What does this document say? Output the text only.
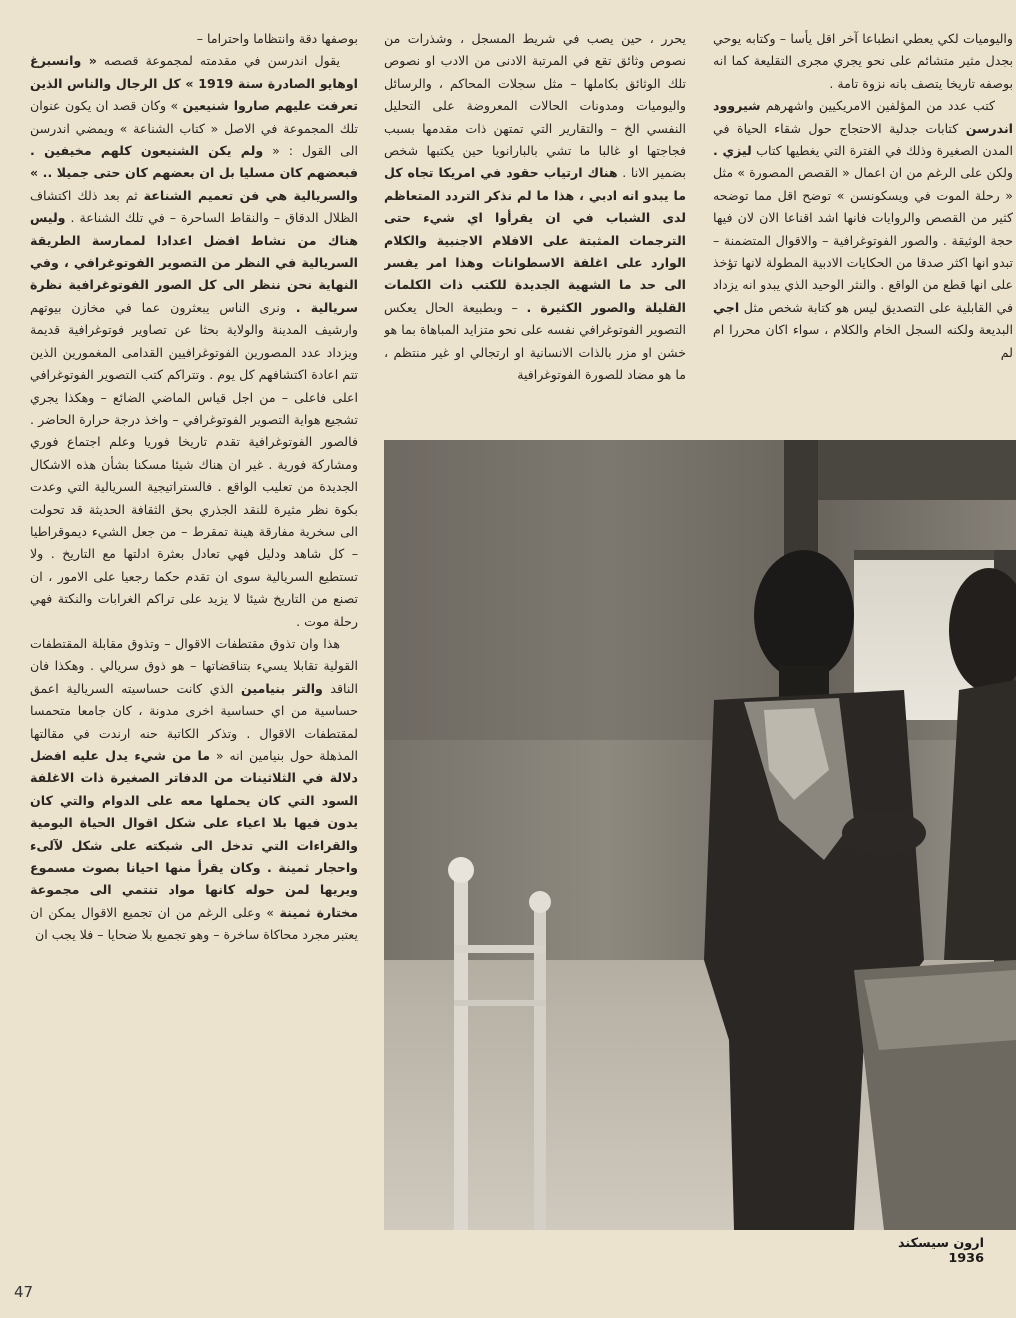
واليوميات لكي يعطي انطباعا آخر اقل يأسا – وكتابه يوحي بجدل مثير متشائم على نحو يجري مجرى التقليعة كما انه بوصفه تاريخا يتصف بانه نزوة تامة .

كتب عدد من المؤلفين الامريكيين واشهرهم شيروود اندرسن كتابات جدلية الاحتجاج حول شقاء الحياة في المدن الصغيرة وذلك في الفترة التي يغطيها كتاب ليزي . ولكن على الرغم من ان اعمال « القصص المصورة » مثل « رحلة الموت في ويسكونسن » توضح اقل مما توضحه كثير من القصص والروايات فانها اشد اقناعا الان لان فيها حجة الوثيقة . والصور الفوتوغرافية – والاقوال المتضمنة – تبدو انها اكثر صدقا من الحكايات الادبية المطولة لانها تؤخذ على انها قطع من الواقع . والنثر الوحيد الذي يبدو انه يزداد في القابلية على التصديق ليس هو كتابة شخص مثل اجي البديعة ولكنه السجل الخام والكلام ، سواء اكان محررا ام لم

يحرر ، حين يصب في شريط المسجل ، وشذرات من نصوص وثائق تقع في المرتبة الادنى من الادب او نصوص تلك الوثائق بكاملها – مثل سجلات المحاكم ، والرسائل واليوميات ومدونات الحالات المعروضة على التحليل النفسي الخ – والتقارير التي تمتهن ذات مقدمها بسبب فجاجتها او غالبا ما تشي بالبارانويا حين يكتبها شخص بضمير الانا . هناك ارتياب حقود في امريكا تجاه كل ما يبدو انه ادبي ، هذا ما لم نذكر التردد المتعاظم لدى الشباب في ان يقرأوا اي شيء حتى الترجمات المثبتة على الافلام الاجنبية والكلام الوارد على اغلفة الاسطوانات وهذا امر يفسر الى حد ما الشهية الجديدة للكتب ذات الكلمات القليلة والصور الكثيرة . – وبطبيعة الحال يعكس التصوير الفوتوغرافي نفسه على نحو متزايد المباهاة بما هو خشن او مزر بالذات الانسانية او ارتجالي او غير منتظم ، ما هو مضاد للصورة الفوتوغرافية

بوصفها دقة وانتظاما واحتراما –

يقول اندرسن في مقدمته لمجموعة قصصه « وانسبرغ اوهايو الصادرة سنة 1919 » كل الرجال والناس الذين تعرفت عليهم صاروا شنيعين » وكان قصد ان يكون عنوان تلك المجموعة في الاصل « كتاب الشناعة » ويمضي اندرسن الى القول : « ولم يكن الشنيعون كلهم مخيفين . فبعضهم كان مسليا بل ان بعضهم كان حتى جميلا .. » والسريالية هي فن تعميم الشناعة ثم بعد ذلك اكتشاف الظلال الدقاق – والنقاط الساحرة – في تلك الشناعة . وليس هناك من نشاط افضل اعدادا لممارسة الطريقة السريالية في النظر من التصوير الفوتوغرافي ، وفي النهاية نحن ننظر الى كل الصور الفوتوغرافية نظرة سريالية . ونرى الناس يبعثرون عما في مخازن بيوتهم وارشيف المدينة والولاية بحثا عن تصاوير فوتوغرافية قديمة ويزداد عدد المصورين الفوتوغرافيين القدامى المغمورين الذين تتم اعادة اكتشافهم كل يوم . وتتراكم كتب التصوير الفوتوغرافي اعلى فاعلى – من اجل قياس الماضي الضائع – وهكذا يجري تشجيع هواية التصوير الفوتوغرافي – واخذ درجة حرارة الحاضر . فالصور الفوتوغرافية تقدم تاريخا فوريا وعلم اجتماع فوري ومشاركة فورية . غير ان هناك شيئا مسكنا بشأن هذه الاشكال الجديدة من تعليب الواقع . فالستراتيجية السريالية التي وعدت بكوة نظر مثيرة للنقد الجذري بحق الثقافة الحديثة قد تحولت الى سخرية مفارقة هينة تمقرط – من جعل الشيء ديموقراطيا – كل شاهد ودليل فهي تعادل بعثرة ادلتها مع التاريخ . ولا تستطيع السريالية سوى ان تقدم حكما رجعيا على الامور ، ان تصنع من التاريخ شيئا لا يزيد على تراكم الغرابات والنكتة فهي رحلة موت .

هذا وان تذوق مقتطفات الاقوال – وتذوق مقابلة المقتطفات القولية تقابلا يسيء بتناقضاتها – هو ذوق سريالي . وهكذا فان الناقد والتر بنيامين الذي كانت حساسيته السريالية اعمق حساسية من اي حساسية اخرى مدونة ، كان جامعا متحمسا لمقتطفات الاقوال . وتذكر الكاتبة حنه ارندت في مقالتها المذهلة حول بنيامين انه « ما من شيء يدل عليه افضل دلالة في الثلاثينات من الدفاتر الصغيرة ذات الاغلفة السود التي كان يحملها معه على الدوام والتي كان يدون فيها بلا اعياء على شكل اقوال الحياة اليومية والقراءات التي تدخل الى شبكته على شكل لآلىء واحجار ثمينة . وكان يقرأ منها احيانا بصوت مسموع ويريها لمن حوله كانها مواد تنتمي الى مجموعة مختارة ثمينة » وعلى الرغم من ان تجميع الاقوال يمكن ان يعتبر مجرد محاكاة ساخرة – وهو تجميع بلا ضحايا – فلا يجب ان

ارون سيسكند 1936
47
